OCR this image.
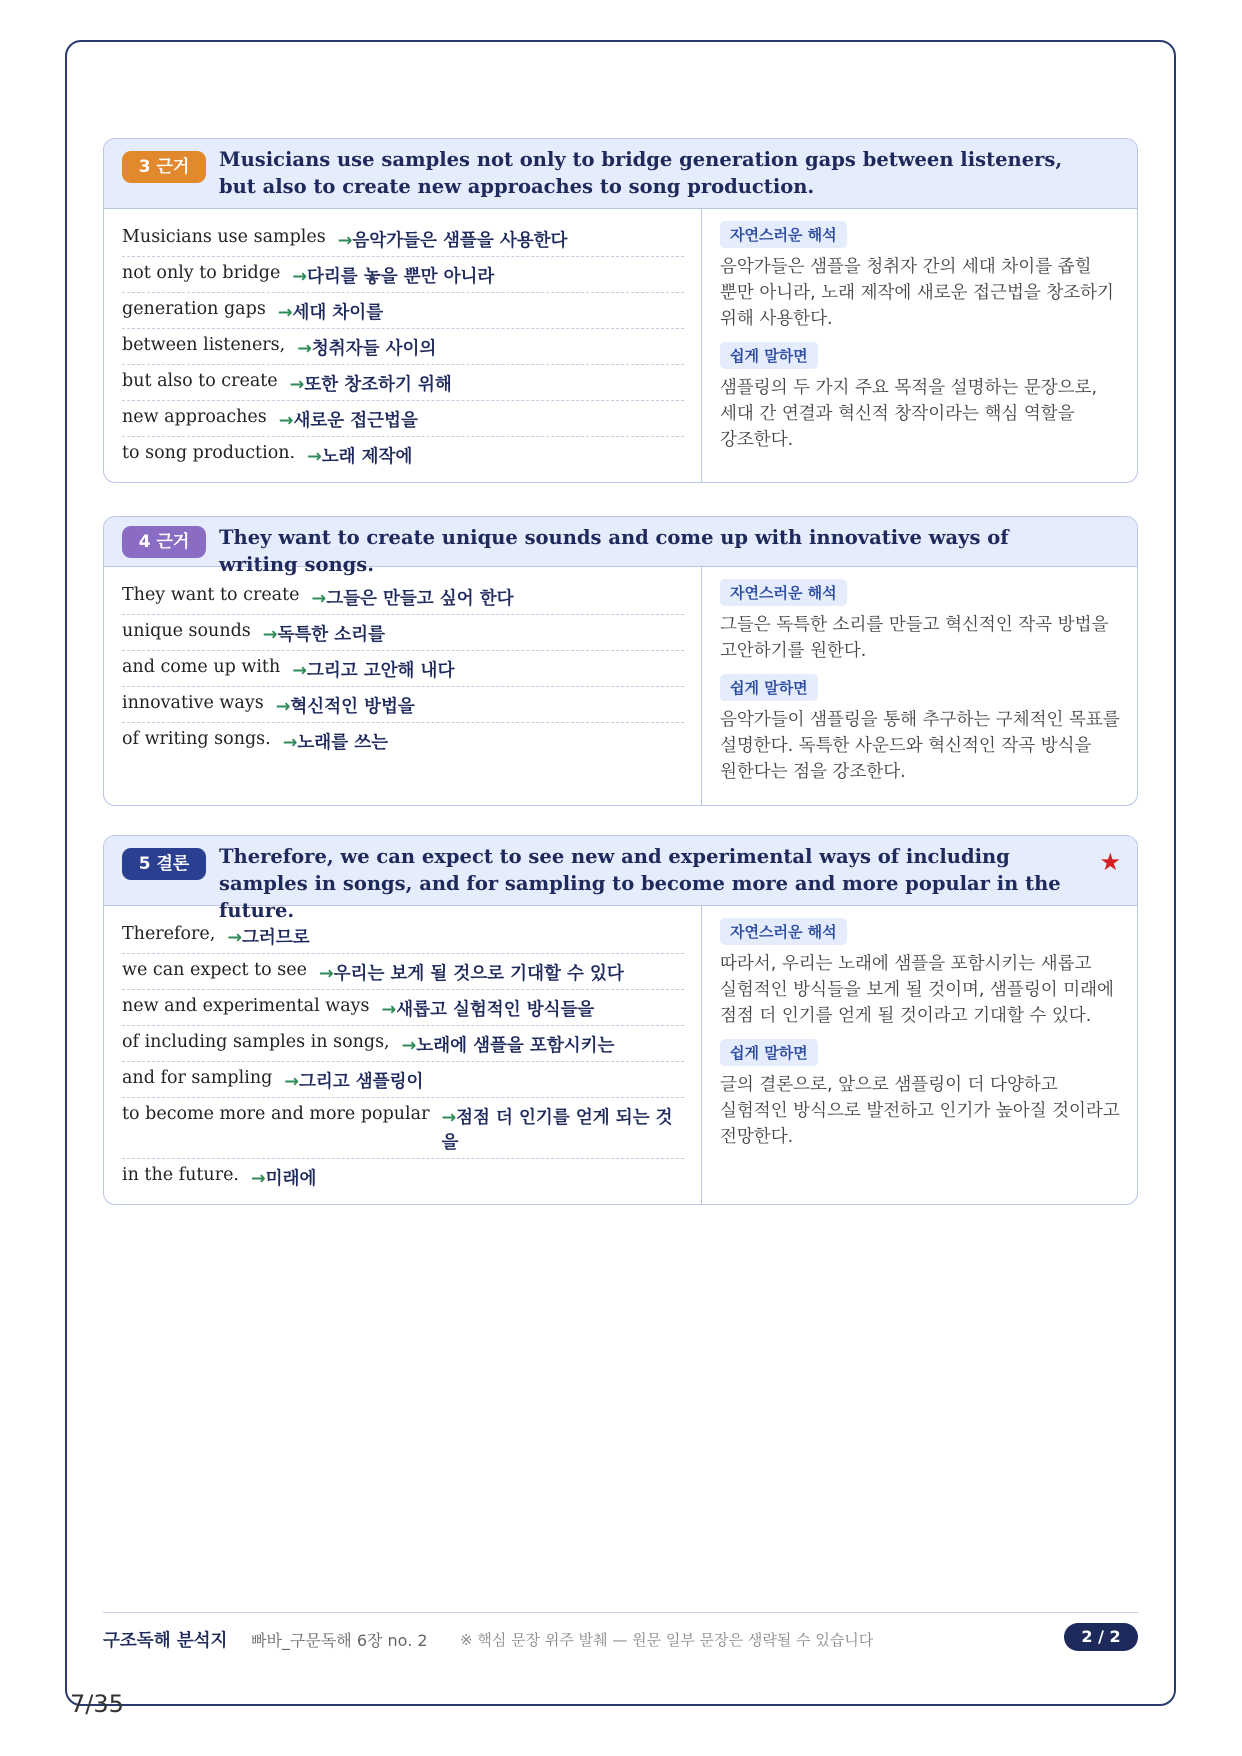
3 근거	Musicians use samples not only to bridge generation gaps between listeners, but also to create new approaches to song production.
Musicians use samples →음악가들은 샘플을 사용한다
not only to bridge →다리를 놓을 뿐만 아니라
generation gaps →세대 차이를
between listeners, →청취자들 사이의
but also to create →또한 창조하기 위해
new approaches →새로운 접근법을
to song production. →노래 제작에
자연스러운 해석
음악가들은 샘플을 청취자 간의 세대 차이를 좁힐 뿐만 아니라, 노래 제작에 새로운 접근법을 창조하기 위해 사용한다.
쉽게 말하면
샘플링의 두 가지 주요 목적을 설명하는 문장으로, 세대 간 연결과 혁신적 창작이라는 핵심 역할을 강조한다.
4 근거	They want to create unique sounds and come up with innovative ways of writing songs.
They want to create →그들은 만들고 싶어 한다
unique sounds →독특한 소리를
and come up with →그리고 고안해 내다
innovative ways →혁신적인 방법을
of writing songs. →노래를 쓰는
자연스러운 해석
그들은 독특한 소리를 만들고 혁신적인 작곡 방법을 고안하기를 원한다.
쉽게 말하면
음악가들이 샘플링을 통해 추구하는 구체적인 목표를 설명한다. 독특한 사운드와 혁신적인 작곡 방식을 원한다는 점을 강조한다.
5 결론	Therefore, we can expect to see new and experimental ways of including samples in songs, and for sampling to become more and more popular in the future.
★
Therefore, →그러므로
we can expect to see →우리는 보게 될 것으로 기대할 수 있다
new and experimental ways →새롭고 실험적인 방식들을
of including samples in songs, →노래에 샘플을 포함시키는
and for sampling →그리고 샘플링이
to become more and more popular →점점 더 인기를 얻게 되는 것을
in the future. →미래에
자연스러운 해석
따라서, 우리는 노래에 샘플을 포함시키는 새롭고 실험적인 방식들을 보게 될 것이며, 샘플링이 미래에 점점 더 인기를 얻게 될 것이라고 기대할 수 있다.
쉽게 말하면
글의 결론으로, 앞으로 샘플링이 더 다양하고 실험적인 방식으로 발전하고 인기가 높아질 것이라고 전망한다.
구조독해 분석지 빠바_구문독해 6장 no. 2 ※ 핵심 문장 위주 발췌 — 원문 일부 문장은 생략될 수 있습니다	2 / 2
7/35
